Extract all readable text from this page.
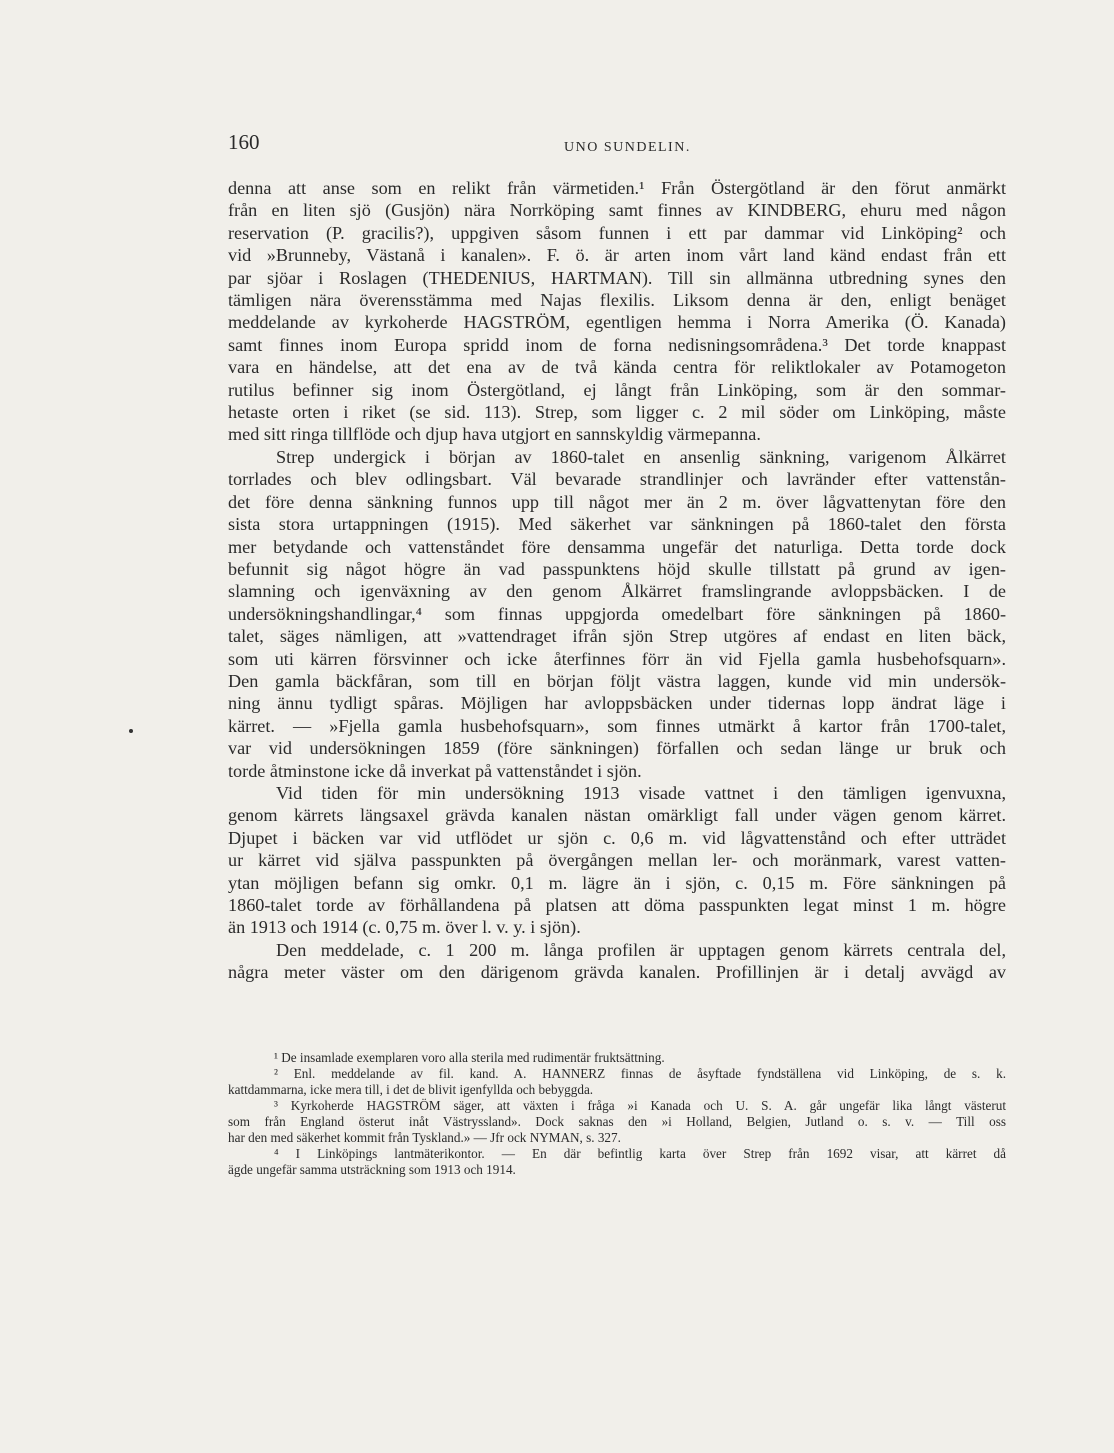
160	UNO SUNDELIN.
denna att anse som en relikt från värmetiden.¹ Från Östergötland är den förut anmärkt
från en liten sjö (Gusjön) nära Norrköping samt finnes av KINDBERG, ehuru med någon
reservation (P. gracilis?), uppgiven såsom funnen i ett par dammar vid Linköping² och
vid »Brunneby, Västanå i kanalen». F. ö. är arten inom vårt land känd endast från ett
par sjöar i Roslagen (THEDENIUS, HARTMAN). Till sin allmänna utbredning synes den
tämligen nära överensstämma med Najas flexilis. Liksom denna är den, enligt benäget
meddelande av kyrkoherde HAGSTRÖM, egentligen hemma i Norra Amerika (Ö. Kanada)
samt finnes inom Europa spridd inom de forna nedisningsområdena.³ Det torde knappast
vara en händelse, att det ena av de två kända centra för reliktlokaler av Potamogeton
rutilus befinner sig inom Östergötland, ej långt från Linköping, som är den sommar-
hetaste orten i riket (se sid. 113). Strep, som ligger c. 2 mil söder om Linköping, måste
med sitt ringa tillflöde och djup hava utgjort en sannskyldig värmepanna.
Strep undergick i början av 1860-talet en ansenlig sänkning, varigenom Ålkärret
torrlades och blev odlingsbart. Väl bevarade strandlinjer och lavränder efter vattenstån-
det före denna sänkning funnos upp till något mer än 2 m. över lågvattenytan före den
sista stora urtappningen (1915). Med säkerhet var sänkningen på 1860-talet den första
mer betydande och vattenståndet före densamma ungefär det naturliga. Detta torde dock
befunnit sig något högre än vad passpunktens höjd skulle tillstatt på grund av igen-
slamning och igenväxning av den genom Ålkärret framslingrande avloppsbäcken. I de
undersökningshandlingar,⁴ som finnas uppgjorda omedelbart före sänkningen på 1860-
talet, säges nämligen, att »vattendraget ifrån sjön Strep utgöres af endast en liten bäck,
som uti kärren försvinner och icke återfinnes förr än vid Fjella gamla husbehofsquarn».
Den gamla bäckfåran, som till en början följt västra laggen, kunde vid min undersök-
ning ännu tydligt spåras. Möjligen har avloppsbäcken under tidernas lopp ändrat läge i
kärret. — »Fjella gamla husbehofsquarn», som finnes utmärkt å kartor från 1700-talet,
var vid undersökningen 1859 (före sänkningen) förfallen och sedan länge ur bruk och
torde åtminstone icke då inverkat på vattenståndet i sjön.
Vid tiden för min undersökning 1913 visade vattnet i den tämligen igenvuxna,
genom kärrets längsaxel grävda kanalen nästan omärkligt fall under vägen genom kärret.
Djupet i bäcken var vid utflödet ur sjön c. 0,6 m. vid lågvattenstånd och efter utträdet
ur kärret vid själva passpunkten på övergången mellan ler- och moränmark, varest vatten-
ytan möjligen befann sig omkr. 0,1 m. lägre än i sjön, c. 0,15 m. Före sänkningen på
1860-talet torde av förhållandena på platsen att döma passpunkten legat minst 1 m. högre
än 1913 och 1914 (c. 0,75 m. över l. v. y. i sjön).
Den meddelade, c. 1 200 m. långa profilen är upptagen genom kärrets centrala del,
några meter väster om den därigenom grävda kanalen. Profillinjen är i detalj avvägd av
¹ De insamlade exemplaren voro alla sterila med rudimentär fruktsättning.
² Enl. meddelande av fil. kand. A. HANNERZ finnas de åsyftade fyndställena vid Linköping, de s. k.
kattdammarna, icke mera till, i det de blivit igenfyllda och bebyggda.
³ Kyrkoherde HAGSTRÖM säger, att växten i fråga »i Kanada och U. S. A. går ungefär lika långt västerut
som från England österut inåt Västryssland». Dock saknas den »i Holland, Belgien, Jutland o. s. v. — Till oss
har den med säkerhet kommit från Tyskland.» — Jfr ock NYMAN, s. 327.
⁴ I Linköpings lantmäterikontor. — En där befintlig karta över Strep från 1692 visar, att kärret då
ägde ungefär samma utsträckning som 1913 och 1914.
